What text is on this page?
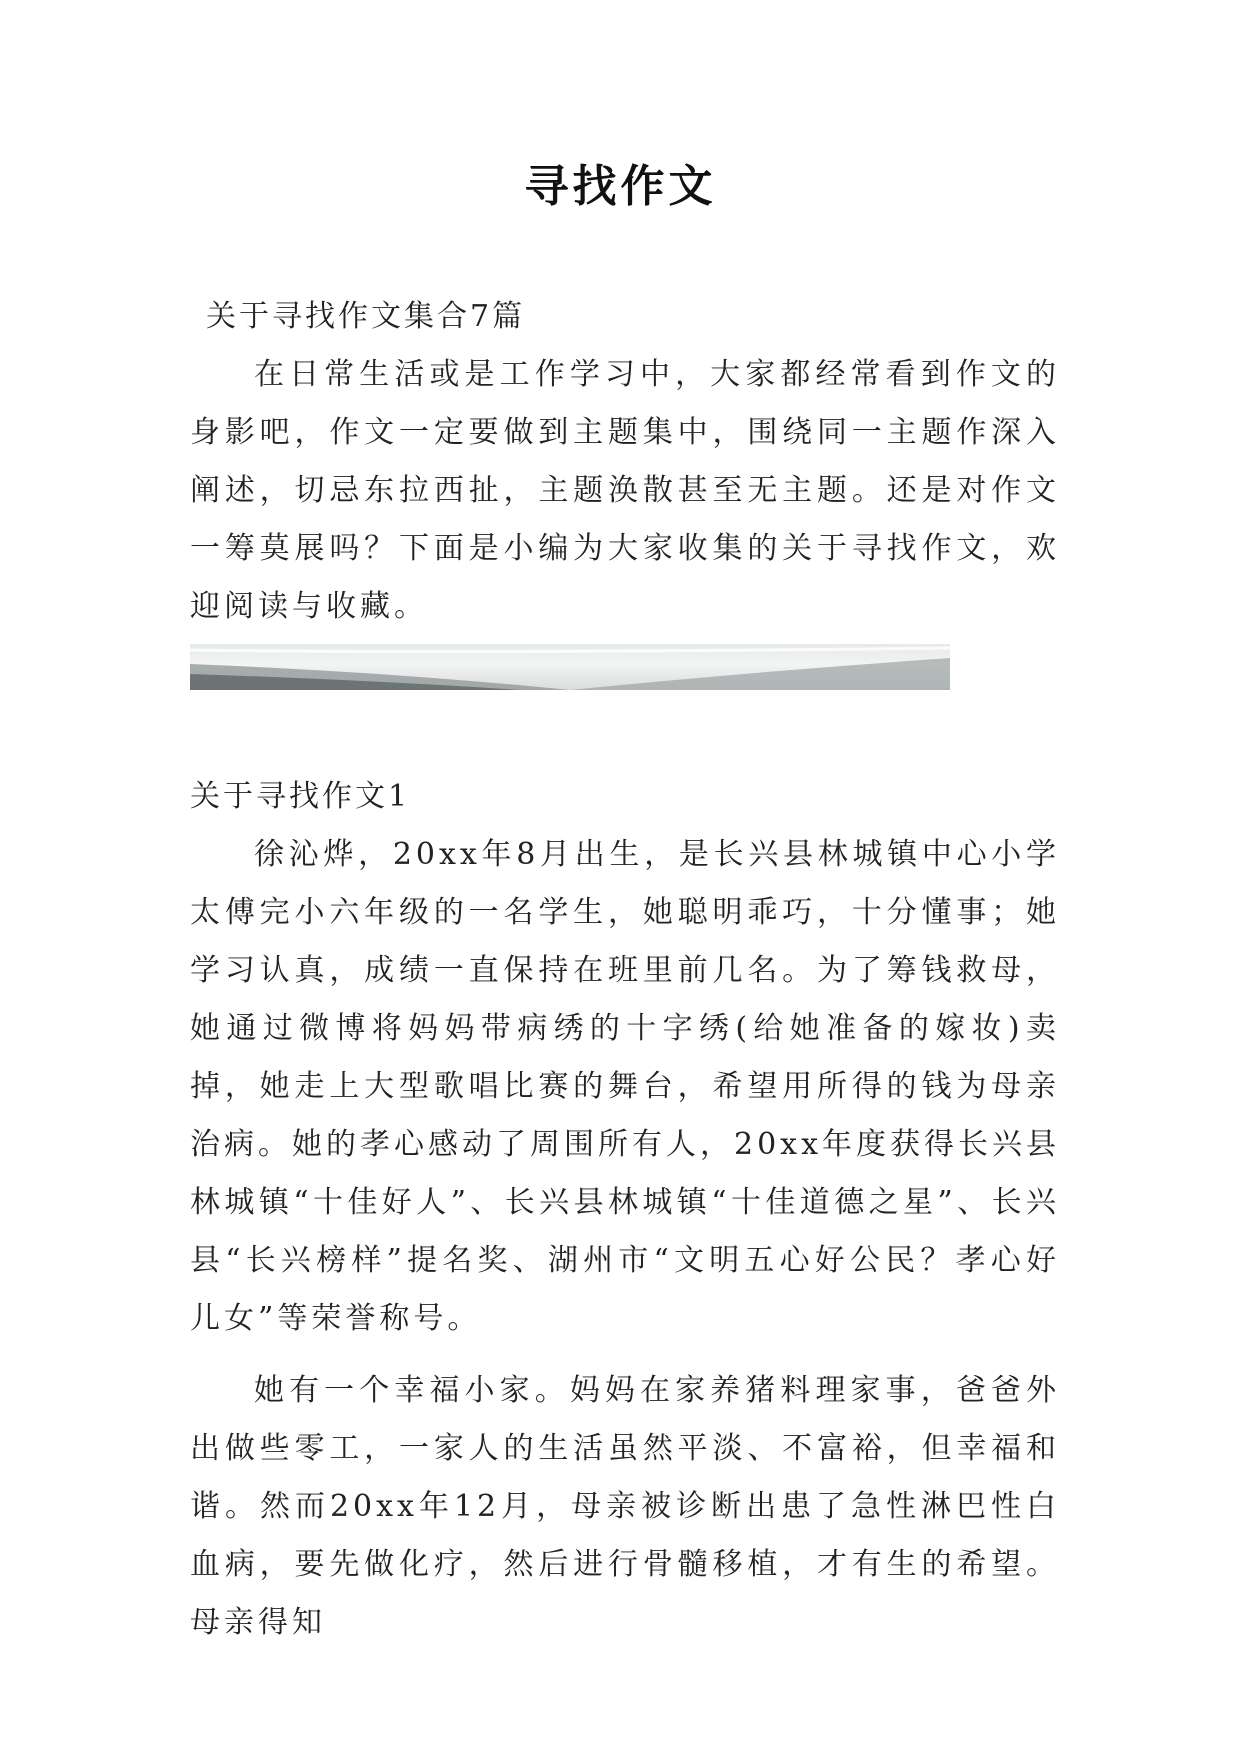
寻找作文

关于寻找作文集合7篇

在日常生活或是工作学习中，大家都经常看到作文的身影吧，作文一定要做到主题集中，围绕同一主题作深入阐述，切忌东拉西扯，主题涣散甚至无主题。还是对作文一筹莫展吗？下面是小编为大家收集的关于寻找作文，欢迎阅读与收藏。

关于寻找作文1

徐沁烨，20xx年8月出生，是长兴县林城镇中心小学太傅完小六年级的一名学生，她聪明乖巧，十分懂事；她学习认真，成绩一直保持在班里前几名。为了筹钱救母，她通过微博将妈妈带病绣的十字绣(给她准备的嫁妆)卖掉，她走上大型歌唱比赛的舞台，希望用所得的钱为母亲治病。她的孝心感动了周围所有人，20xx年度获得长兴县林城镇“十佳好人”、长兴县林城镇“十佳道德之星”、长兴县“长兴榜样”提名奖、湖州市“文明五心好公民？孝心好儿女”等荣誉称号。

她有一个幸福小家。妈妈在家养猪料理家事，爸爸外出做些零工，一家人的生活虽然平淡、不富裕，但幸福和谐。然而20xx年12月，母亲被诊断出患了急性淋巴性白血病，要先做化疗，然后进行骨髓移植，才有生的希望。母亲得知
